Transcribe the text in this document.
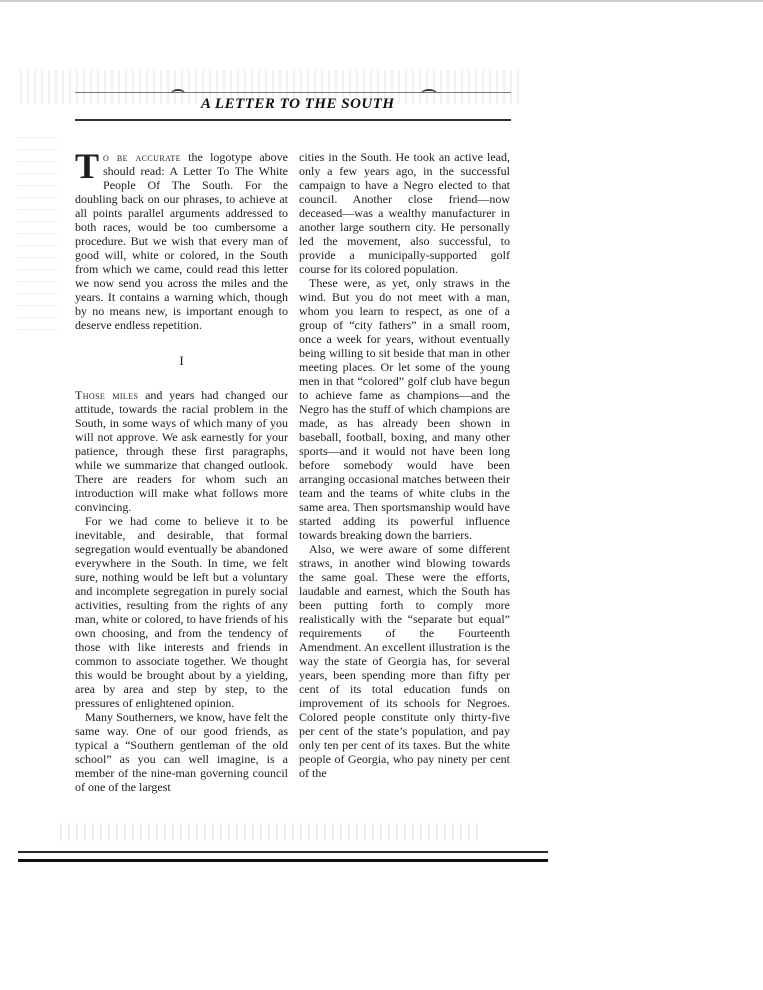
A LETTER TO THE SOUTH

To be accurate the logotype above should read: A Letter To The White People Of The South. For the doubling back on our phrases, to achieve at all points parallel arguments addressed to both races, would be too cumbersome a procedure. But we wish that every man of good will, white or colored, in the South from which we came, could read this letter we now send you across the miles and the years. It contains a warning which, though by no means new, is important enough to deserve endless repetition.

I

Those miles and years had changed our attitude, towards the racial problem in the South, in some ways of which many of you will not approve. We ask earnestly for your patience, through these first paragraphs, while we summarize that changed outlook. There are readers for whom such an introduction will make what follows more convincing.

For we had come to believe it to be inevitable, and desirable, that formal segregation would eventually be abandoned everywhere in the South. In time, we felt sure, nothing would be left but a voluntary and incomplete segregation in purely social activities, resulting from the rights of any man, white or colored, to have friends of his own choosing, and from the tendency of those with like interests and friends in common to associate together. We thought this would be brought about by a yielding, area by area and step by step, to the pressures of enlightened opinion.

Many Southerners, we know, have felt the same way. One of our good friends, as typical a “Southern gentleman of the old school” as you can well imagine, is a member of the nine-man governing council of one of the largest

cities in the South. He took an active lead, only a few years ago, in the successful campaign to have a Negro elected to that council. Another close friend—now deceased—was a wealthy manufacturer in another large southern city. He personally led the movement, also successful, to provide a municipally-supported golf course for its colored population.

These were, as yet, only straws in the wind. But you do not meet with a man, whom you learn to respect, as one of a group of “city fathers” in a small room, once a week for years, without eventually being willing to sit beside that man in other meeting places. Or let some of the young men in that “colored” golf club have begun to achieve fame as champions—and the Negro has the stuff of which champions are made, as has already been shown in baseball, football, boxing, and many other sports—and it would not have been long before somebody would have been arranging occasional matches between their team and the teams of white clubs in the same area. Then sportsmanship would have started adding its powerful influence towards breaking down the barriers.

Also, we were aware of some different straws, in another wind blowing towards the same goal. These were the efforts, laudable and earnest, which the South has been putting forth to comply more realistically with the “separate but equal” requirements of the Fourteenth Amendment. An excellent illustration is the way the state of Georgia has, for several years, been spending more than fifty per cent of its total education funds on improvement of its schools for Negroes. Colored people constitute only thirty-five per cent of the state’s population, and pay only ten per cent of its taxes. But the white people of Georgia, who pay ninety per cent of the
